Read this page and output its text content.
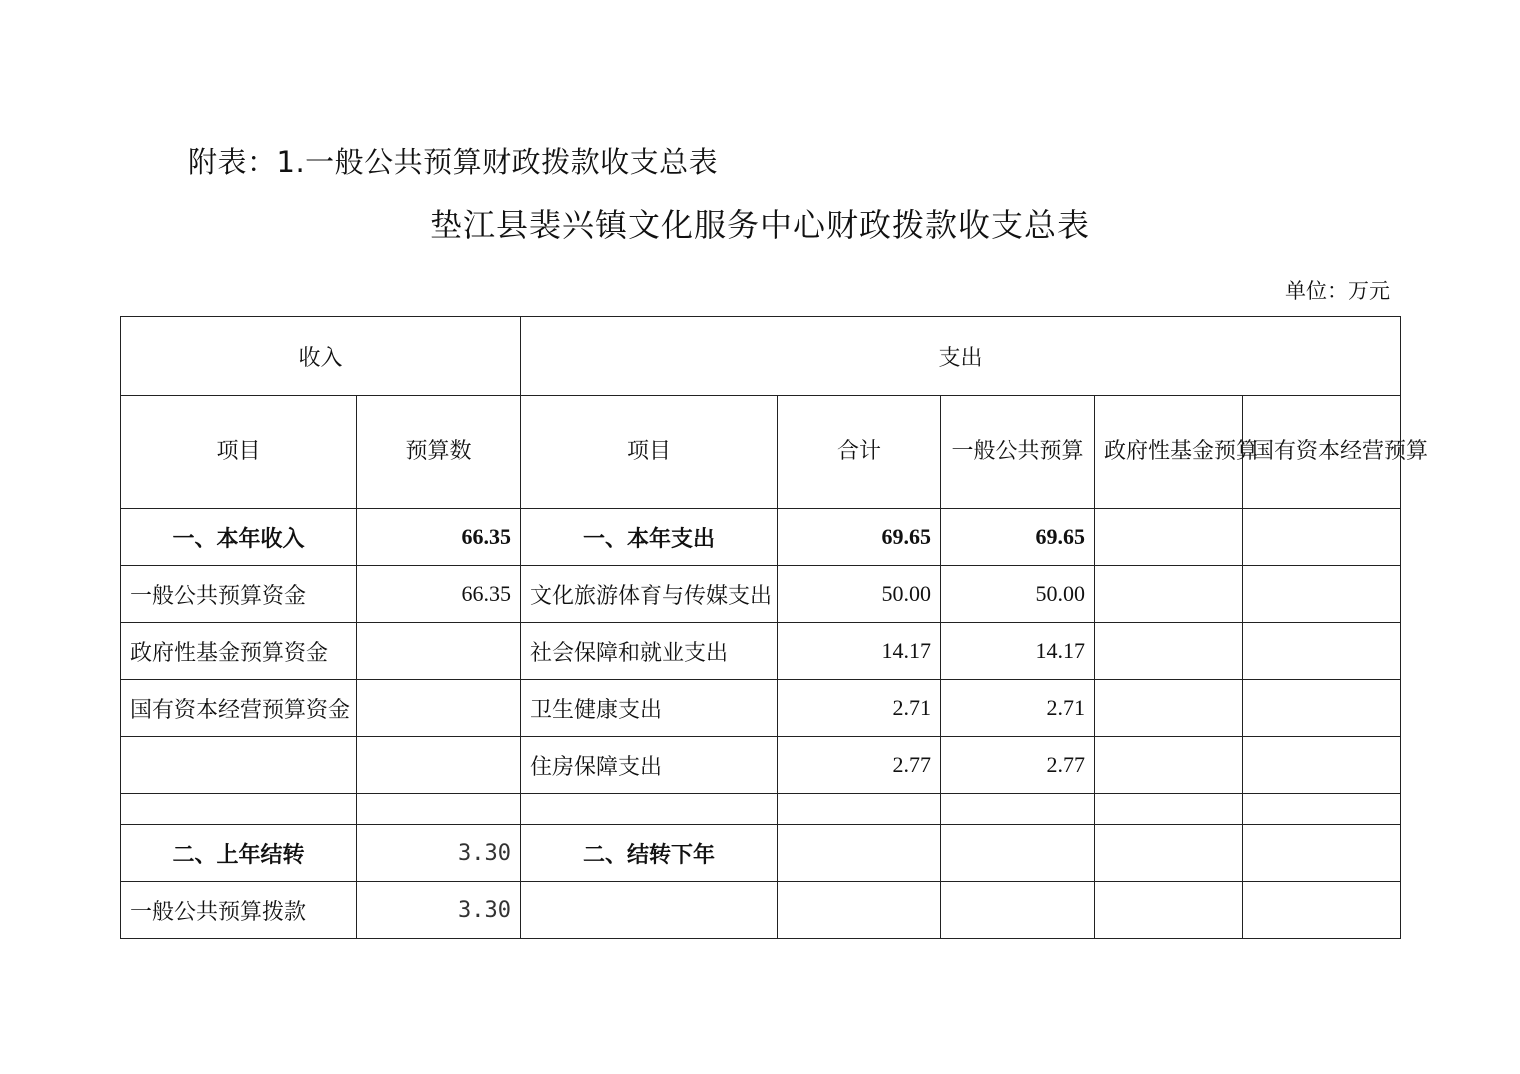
附表：1.一般公共预算财政拨款收支总表
垫江县裴兴镇文化服务中心财政拨款收支总表
单位：万元
收入		支出				
项目	预算数	项目	合计	一般公共预算	政府性基金预算	国有资本经营预算
一、本年收入	66.35	一、本年支出	69.65	69.65		
一般公共预算资金	66.35	文化旅游体育与传媒支出	50.00	50.00		
政府性基金预算资金		社会保障和就业支出	14.17	14.17		
国有资本经营预算资金		卫生健康支出	2.71	2.71		
		住房保障支出	2.77	2.77		

二、上年结转	3.30	二、结转下年				
一般公共预算拨款	3.30					
